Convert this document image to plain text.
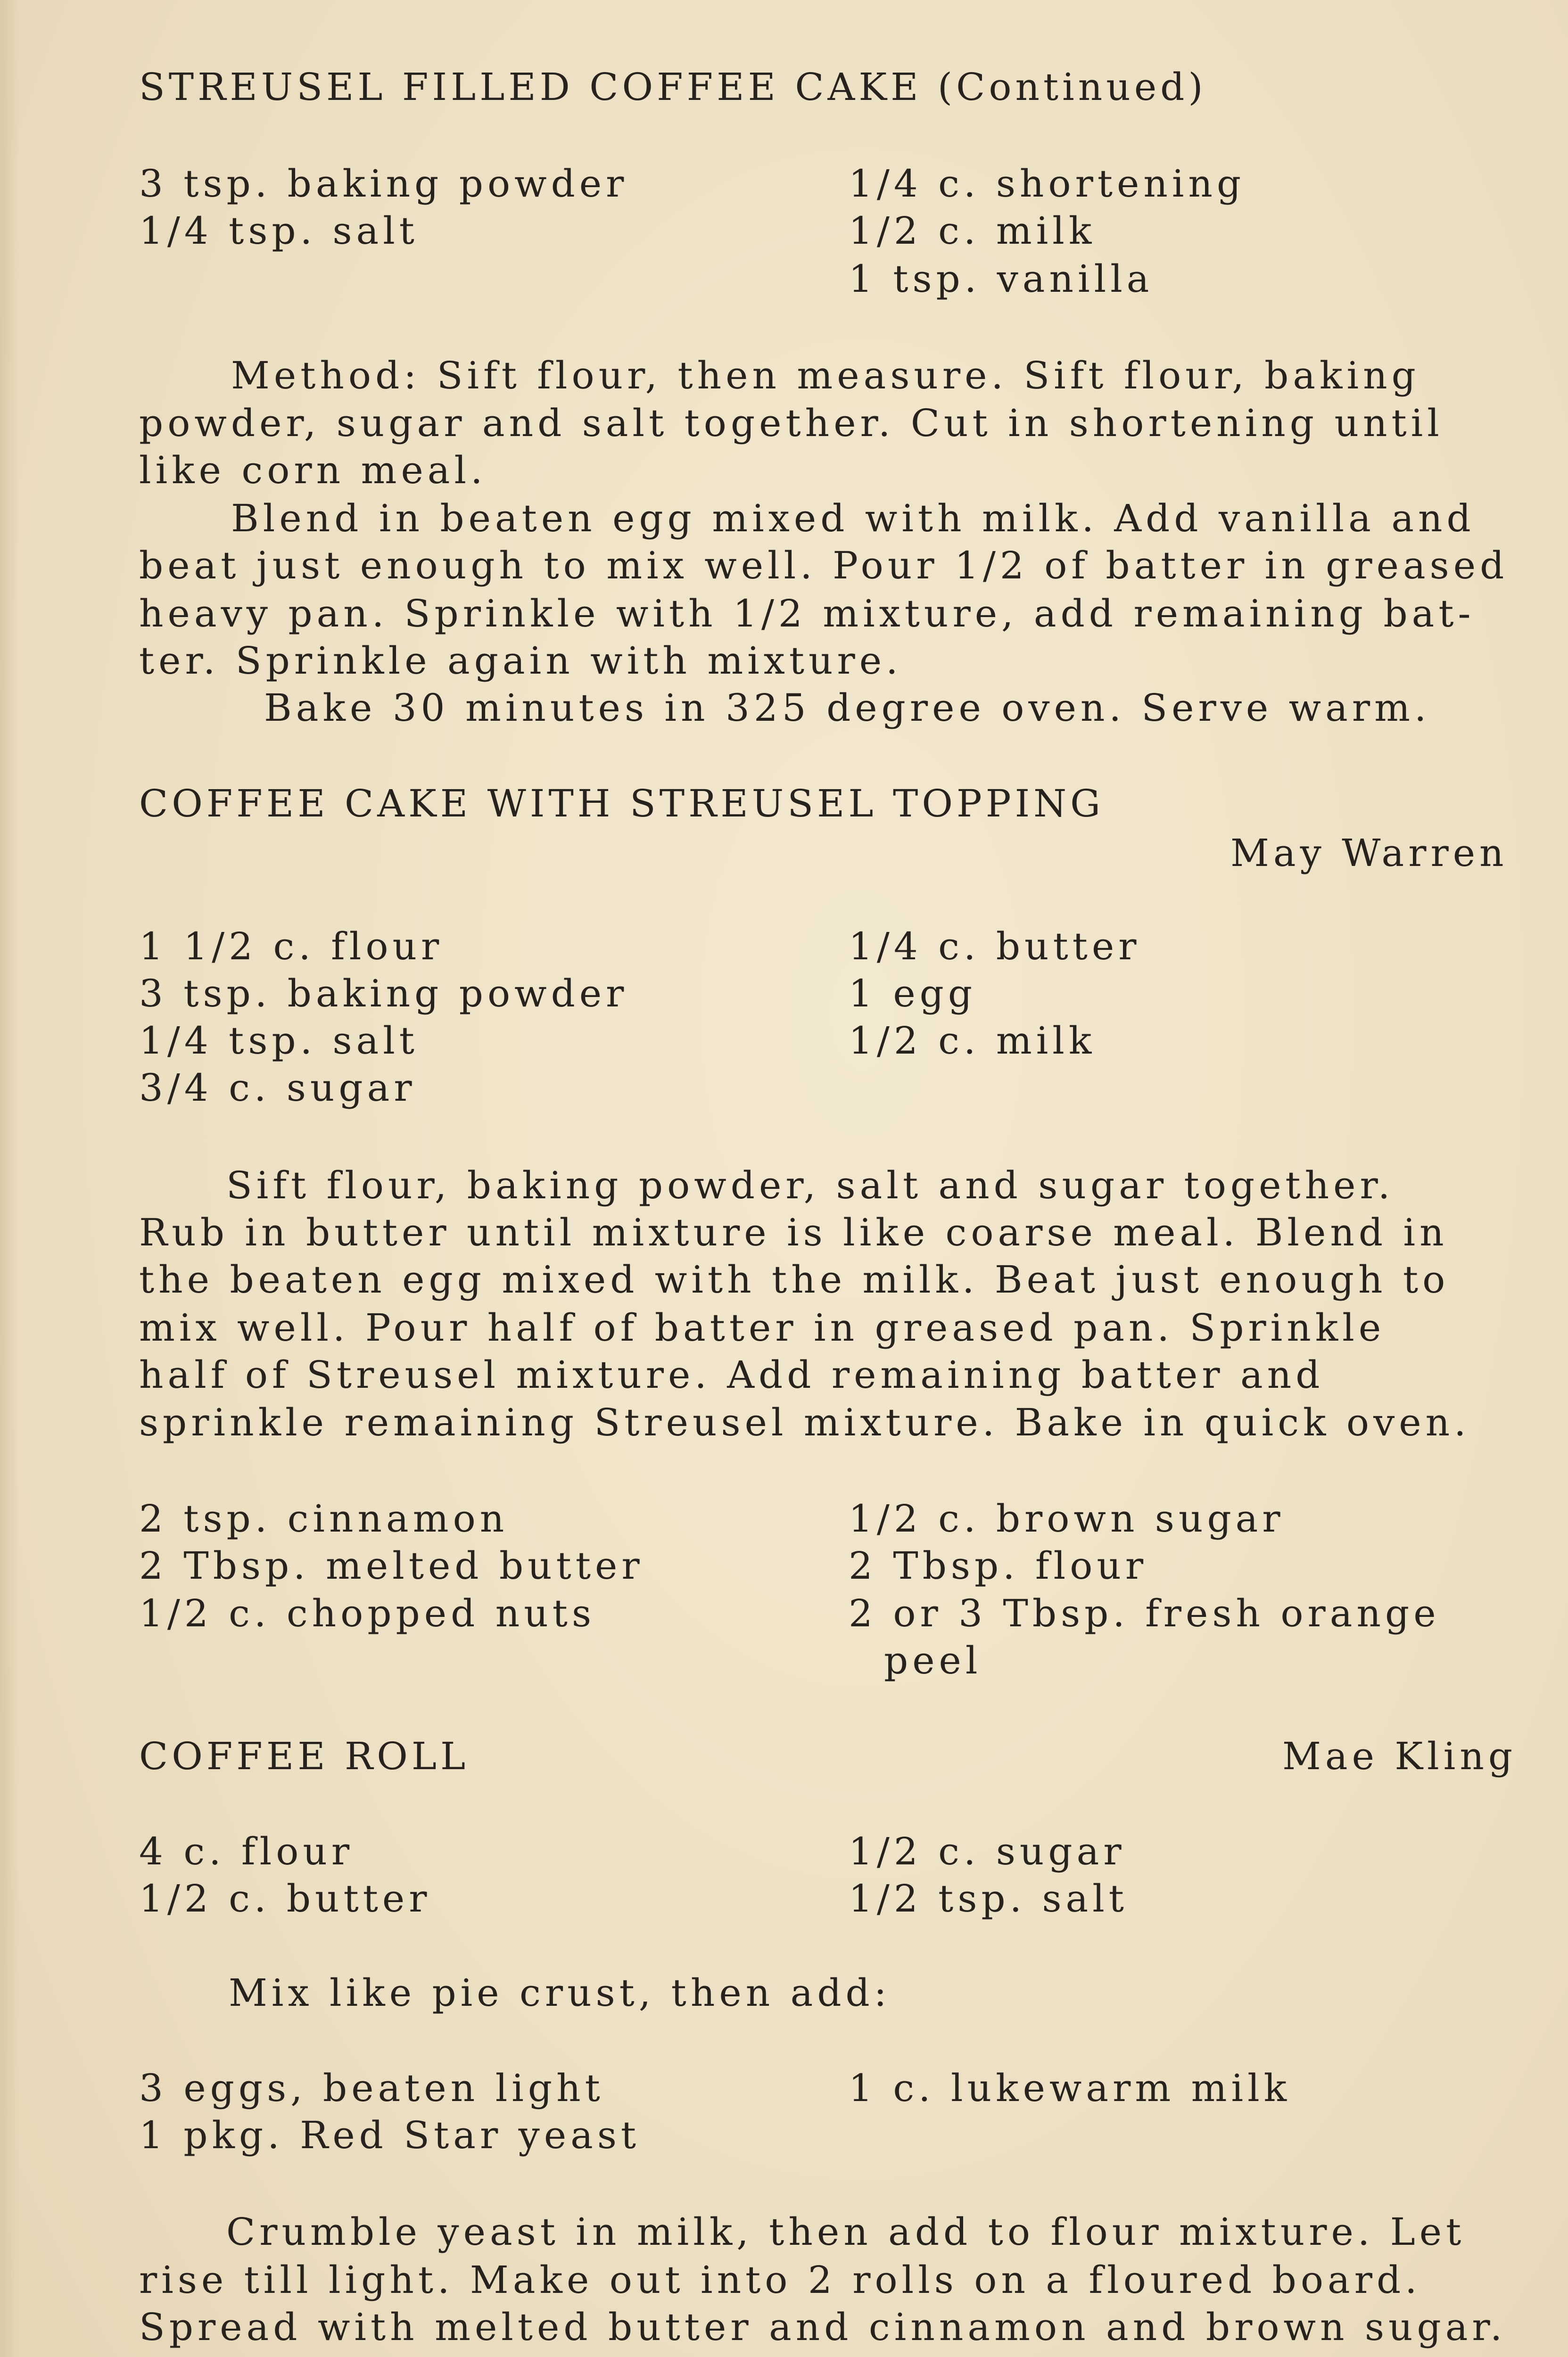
STREUSEL FILLED COFFEE CAKE (Continued)
3 tsp. baking powder
1/4 tsp. salt
1/4 c. shortening
1/2 c. milk
1 tsp. vanilla
Method: Sift flour, then measure. Sift flour, baking
powder, sugar and salt together. Cut in shortening until
like corn meal.
Blend in beaten egg mixed with milk. Add vanilla and
beat just enough to mix well. Pour 1/2 of batter in greased
heavy pan. Sprinkle with 1/2 mixture, add remaining bat-
ter. Sprinkle again with mixture.
Bake 30 minutes in 325 degree oven. Serve warm.
COFFEE CAKE WITH STREUSEL TOPPING
May Warren
1 1/2 c. flour
3 tsp. baking powder
1/4 tsp. salt
3/4 c. sugar
1/4 c. butter
1 egg
1/2 c. milk
Sift flour, baking powder, salt and sugar together.
Rub in butter until mixture is like coarse meal. Blend in
the beaten egg mixed with the milk. Beat just enough to
mix well. Pour half of batter in greased pan. Sprinkle
half of Streusel mixture. Add remaining batter and
sprinkle remaining Streusel mixture. Bake in quick oven.
2 tsp. cinnamon
2 Tbsp. melted butter
1/2 c. chopped nuts
1/2 c. brown sugar
2 Tbsp. flour
2 or 3 Tbsp. fresh orange
peel
COFFEE ROLL	Mae Kling
4 c. flour
1/2 c. butter
1/2 c. sugar
1/2 tsp. salt
Mix like pie crust, then add:
3 eggs, beaten light
1 pkg. Red Star yeast
1 c. lukewarm milk
Crumble yeast in milk, then add to flour mixture. Let
rise till light. Make out into 2 rolls on a floured board.
Spread with melted butter and cinnamon and brown sugar.
